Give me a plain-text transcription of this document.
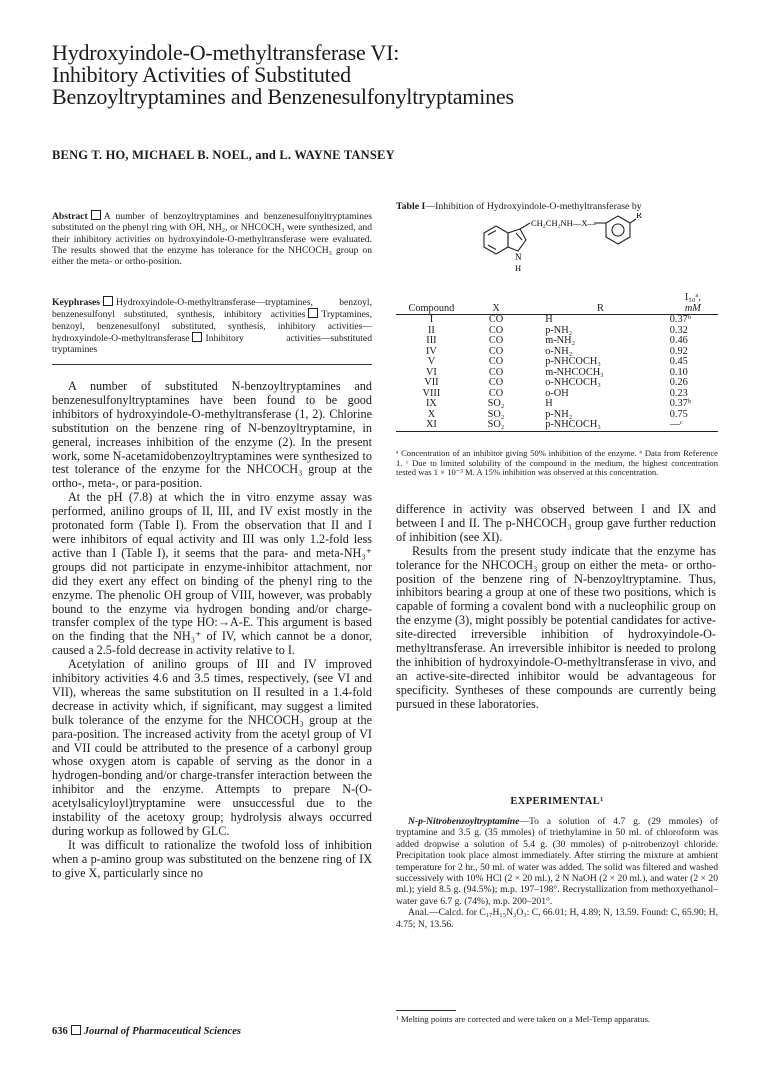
Hydroxyindole-O-methyltransferase VI:
Inhibitory Activities of Substituted
Benzoyltryptamines and Benzenesulfonyltryptamines
BENG T. HO, MICHAEL B. NOEL, and L. WAYNE TANSEY
Abstract A number of benzoyltryptamines and benzenesulfonyltryptamines substituted on the phenyl ring with OH, NH₂, or NHCOCH₃ were synthesized, and their inhibitory activities on hydroxyindole-O-methyltransferase were evaluated. The results showed that the enzyme has tolerance for the NHCOCH₃ group on either the meta- or ortho-position.
Keyphrases Hydroxyindole-O-methyltransferase—tryptamines, benzoyl, benzenesulfonyl substituted, synthesis, inhibitory activities Tryptamines, benzoyl, benzenesulfonyl substituted, synthesis, inhibitory activities—hydroxyindole-O-methyltransferase Inhibitory activities—substituted tryptamines

A number of substituted N-benzoyltryptamines and benzenesulfonyltryptamines have been found to be good inhibitors of hydroxyindole-O-methyltransferase (1, 2). Chlorine substitution on the benzene ring of N-benzoyltryptamine, in general, increases inhibition of the enzyme (2). In the present work, some N-acetamidobenzoyltryptamines were synthesized to test tolerance of the enzyme for the NHCOCH₃ group at the ortho-, meta-, or para-position.

At the pH (7.8) at which the in vitro enzyme assay was performed, anilino groups of II, III, and IV exist mostly in the protonated form (Table I). From the observation that II and I were inhibitors of equal activity and III was only 1.2-fold less active than I (Table I), it seems that the para- and meta-NH₃⁺ groups did not participate in enzyme-inhibitor attachment, nor did they exert any effect on binding of the phenyl ring to the enzyme. The phenolic OH group of VIII, however, was probably bound to the enzyme via hydrogen bonding and/or charge-transfer complex of the type HO:→A-E. This argument is based on the finding that the NH₃⁺ of IV, which cannot be a donor, caused a 2.5-fold decrease in activity relative to I.

Acetylation of anilino groups of III and IV improved inhibitory activities 4.6 and 3.5 times, respectively, (see VI and VII), whereas the same substitution on II resulted in a 1.4-fold decrease in activity which, if significant, may suggest a limited bulk tolerance of the enzyme for the NHCOCH₃ group at the para-position. The increased activity from the acetyl group of VI and VII could be attributed to the presence of a carbonyl group whose oxygen atom is capable of serving as the donor in a hydrogen-bonding and/or charge-transfer interaction between the inhibitor and the enzyme. Attempts to prepare N-(O-acetylsalicyloyl)tryptamine were unsuccessful due to the instability of the acetoxy group; hydrolysis always occurred during workup as followed by GLC.

It was difficult to rationalize the twofold loss of inhibition when a p-amino group was substituted on the benzene ring of IX to give X, particularly since no

Table I—Inhibition of Hydroxyindole-O-methyltransferase by
CH₂CH₂NH—X—
R
N
H
Compound	X	R	I₅₀ᵃ,
mM

I	CO	H	0.37ᵇ
II	CO	p-NH₂	0.32
III	CO	m-NH₂	0.46
IV	CO	o-NH₂	0.92
V	CO	p-NHCOCH₃	0.45
VI	CO	m-NHCOCH₃	0.10
VII	CO	o-NHCOCH₃	0.26
VIII	CO	o-OH	0.23
IX	SO₂	H	0.37ᵇ
X	SO₂	p-NH₂	0.75
XI	SO₂	p-NHCOCH₃	—ᶜ
ᵃ Concentration of an inhibitor giving 50% inhibition of the enzyme. ᵇ Data from Reference 1. ᶜ Due to limited solubility of the compound in the medium, the highest concentration tested was 1 × 10⁻³ M. A 15% inhibition was observed at this concentration.

difference in activity was observed between I and IX and between I and II. The p-NHCOCH₃ group gave further reduction of inhibition (see XI).

Results from the present study indicate that the enzyme has tolerance for the NHCOCH₃ group on either the meta- or ortho-position of the benzene ring of N-benzoyltryptamine. Thus, inhibitors bearing a group at one of these two positions, which is capable of forming a covalent bond with a nucleophilic group on the enzyme (3), might possibly be potential candidates for active-site-directed irreversible inhibition of hydroxyindole-O-methyltransferase. An irreversible inhibitor is needed to prolong the inhibition of hydroxyindole-O-methyltransferase in vivo, and an active-site-directed inhibitor would be advantageous for specificity. Syntheses of these compounds are currently being pursued in these laboratories.

EXPERIMENTAL¹

N-p-Nitrobenzoyltryptamine—To a solution of 4.7 g. (29 mmoles) of tryptamine and 3.5 g. (35 mmoles) of triethylamine in 50 ml. of chloroform was added dropwise a solution of 5.4 g. (30 mmoles) of p-nitrobenzoyl chloride. Precipitation took place almost immediately. After stirring the mixture at ambient temperature for 2 hr., 50 ml. of water was added. The solid was filtered and washed successively with 10% HCl (2 × 20 ml.), 2 N NaOH (2 × 20 ml.), and water (2 × 20 ml.); yield 8.5 g. (94.5%); m.p. 197–198°. Recrystallization from methoxyethanol–water gave 6.7 g. (74%), m.p. 200–201°.

Anal.—Calcd. for C₁₇H₁₅N₃O₃: C, 66.01; H, 4.89; N, 13.59. Found: C, 65.90; H, 4.75; N, 13.56.

¹ Melting points are corrected and were taken on a Mel-Temp apparatus.
636 Journal of Pharmaceutical Sciences
